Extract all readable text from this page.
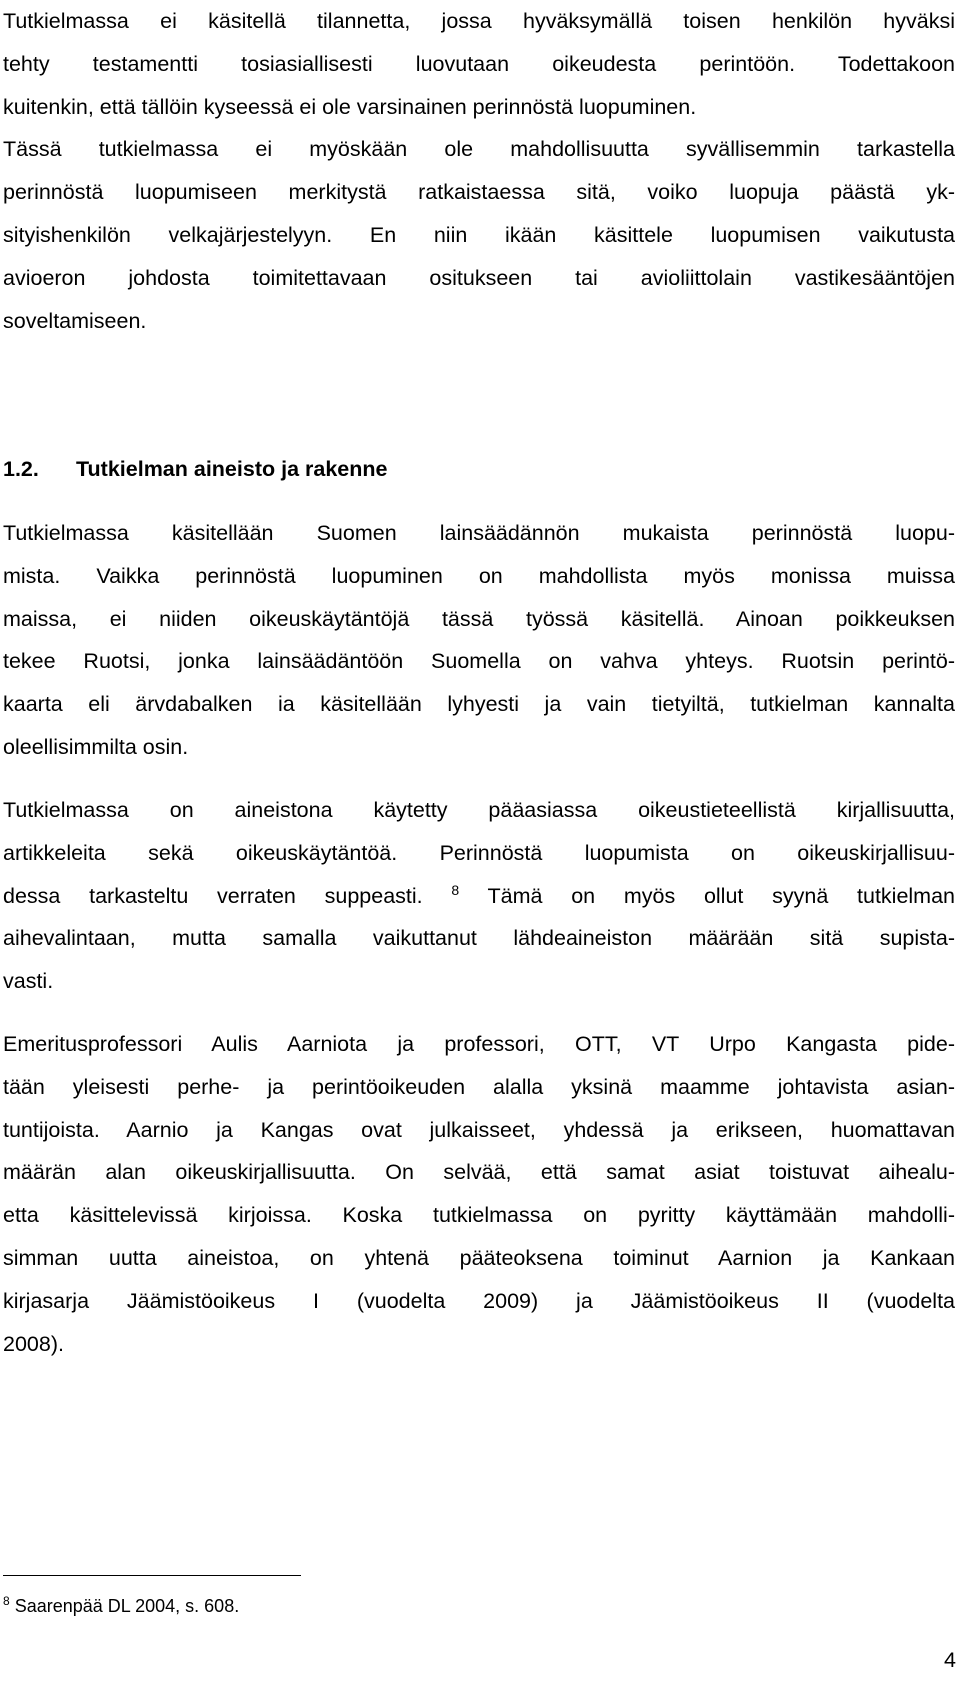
Tutkielmassa ei käsitellä tilannetta, jossa hyväksymällä toisen henkilön hyväksi
tehty testamentti tosiasiallisesti luovutaan oikeudesta perintöön. Todettakoon
kuitenkin, että tällöin kyseessä ei ole varsinainen perinnöstä luopuminen.
Tässä tutkielmassa ei myöskään ole mahdollisuutta syvällisemmin tarkastella
perinnöstä luopumiseen merkitystä ratkaistaessa sitä, voiko luopuja päästä yk-
sityishenkilön velkajärjestelyyn. En niin ikään käsittele luopumisen vaikutusta
avioeron johdosta toimitettavaan ositukseen tai avioliittolain vastikesääntöjen
soveltamiseen.
1.2. Tutkielman aineisto ja rakenne
Tutkielmassa käsitellään Suomen lainsäädännön mukaista perinnöstä luopu-
mista. Vaikka perinnöstä luopuminen on mahdollista myös monissa muissa
maissa, ei niiden oikeuskäytäntöjä tässä työssä käsitellä. Ainoan poikkeuksen
tekee Ruotsi, jonka lainsäädäntöön Suomella on vahva yhteys. Ruotsin perintö-
kaarta eli ärvdabalken ia käsitellään lyhyesti ja vain tietyiltä, tutkielman kannalta
oleellisimmilta osin.
Tutkielmassa on aineistona käytetty pääasiassa oikeustieteellistä kirjallisuutta,
artikkeleita sekä oikeuskäytäntöä. Perinnöstä luopumista on oikeuskirjallisuu-
dessa tarkasteltu verraten suppeasti. $^8$ Tämä on myös ollut syynä tutkielman
aihevalintaan, mutta samalla vaikuttanut lähdeaineiston määrään sitä supista-
vasti.
Emeritusprofessori Aulis Aarniota ja professori, OTT, VT Urpo Kangasta pide-
tään yleisesti perhe- ja perintöoikeuden alalla yksinä maamme johtavista asian-
tuntijoista. Aarnio ja Kangas ovat julkaisseet, yhdessä ja erikseen, huomattavan
määrän alan oikeuskirjallisuutta. On selvää, että samat asiat toistuvat aihealu-
etta käsittelevissä kirjoissa. Koska tutkielmassa on pyritty käyttämään mahdolli-
simman uutta aineistoa, on yhtenä pääteoksena toiminut Aarnion ja Kankaan
kirjasarja Jäämistöoikeus I (vuodelta 2009) ja Jäämistöoikeus II (vuodelta
2008).

$^8$ Saarenpää DL 2004, s. 608.

4
